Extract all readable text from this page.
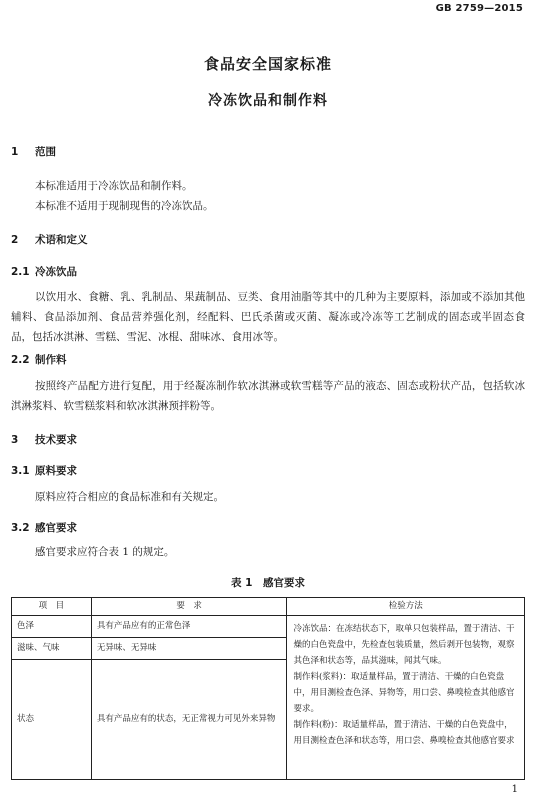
GB 2759—2015
食品安全国家标准
冷冻饮品和制作料
1 范围
本标准适用于冷冻饮品和制作料。
本标准不适用于现制现售的冷冻饮品。
2 术语和定义
2.1 冷冻饮品
以饮用水、食糖、乳、乳制品、果蔬制品、豆类、食用油脂等其中的几种为主要原料，添加或不添加其他辅料、食品添加剂、食品营养强化剂，经配料、巴氏杀菌或灭菌、凝冻或冷冻等工艺制成的固态或半固态食品，包括冰淇淋、雪糕、雪泥、冰棍、甜味冰、食用冰等。
2.2 制作料
按照终产品配方进行复配，用于经凝冻制作软冰淇淋或软雪糕等产品的液态、固态或粉状产品，包括软冰淇淋浆料、软雪糕浆料和软冰淇淋预拌粉等。
3 技术要求
3.1 原料要求
原料应符合相应的食品标准和有关规定。
3.2 感官要求
感官要求应符合表 1 的规定。
表 1　感官要求
项　目	要　求	检验方法
色泽	具有产品应有的正常色泽	冷冻饮品：在冻结状态下，取单只包装样品，置于清洁、干燥的白色瓷盘中，先检查包装质量，然后剥开包装物，观察其色泽和状态等，品其滋味，闻其气味。

制作料(浆料)：取适量样品，置于清洁、干燥的白色瓷盘中，用目测检查色泽、异物等，用口尝、鼻嗅检查其他感官要求。

制作料(粉)：取适量样品，置于清洁、干燥的白色瓷盘中，用目测检查色泽和状态等，用口尝、鼻嗅检查其他感官要求

滋味、气味	无异味、无异味	
状态	具有产品应有的状态，无正常视力可见外来异物	
1
